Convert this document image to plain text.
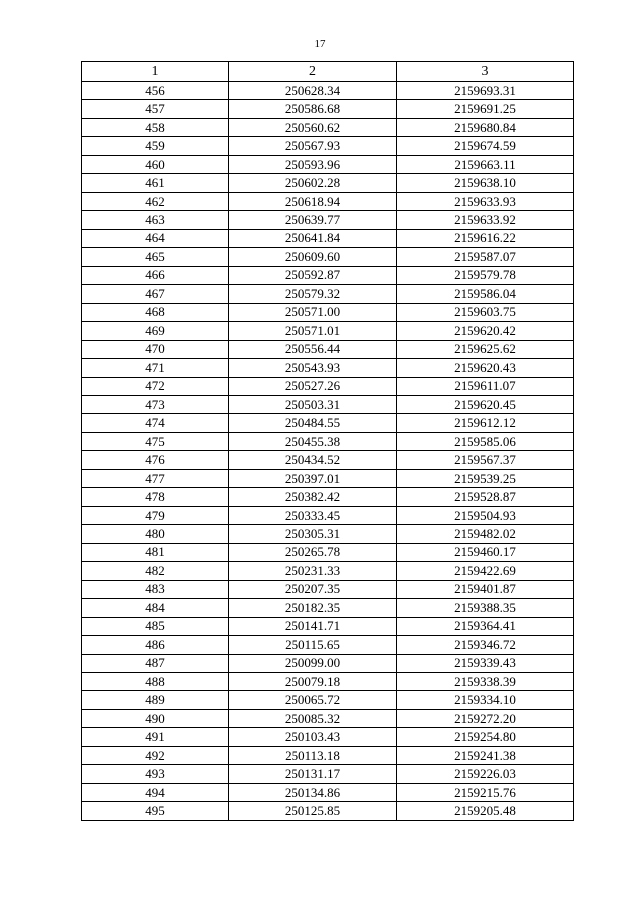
17
1	2	3
456	250628.34	2159693.31
457	250586.68	2159691.25
458	250560.62	2159680.84
459	250567.93	2159674.59
460	250593.96	2159663.11
461	250602.28	2159638.10
462	250618.94	2159633.93
463	250639.77	2159633.92
464	250641.84	2159616.22
465	250609.60	2159587.07
466	250592.87	2159579.78
467	250579.32	2159586.04
468	250571.00	2159603.75
469	250571.01	2159620.42
470	250556.44	2159625.62
471	250543.93	2159620.43
472	250527.26	2159611.07
473	250503.31	2159620.45
474	250484.55	2159612.12
475	250455.38	2159585.06
476	250434.52	2159567.37
477	250397.01	2159539.25
478	250382.42	2159528.87
479	250333.45	2159504.93
480	250305.31	2159482.02
481	250265.78	2159460.17
482	250231.33	2159422.69
483	250207.35	2159401.87
484	250182.35	2159388.35
485	250141.71	2159364.41
486	250115.65	2159346.72
487	250099.00	2159339.43
488	250079.18	2159338.39
489	250065.72	2159334.10
490	250085.32	2159272.20
491	250103.43	2159254.80
492	250113.18	2159241.38
493	250131.17	2159226.03
494	250134.86	2159215.76
495	250125.85	2159205.48
